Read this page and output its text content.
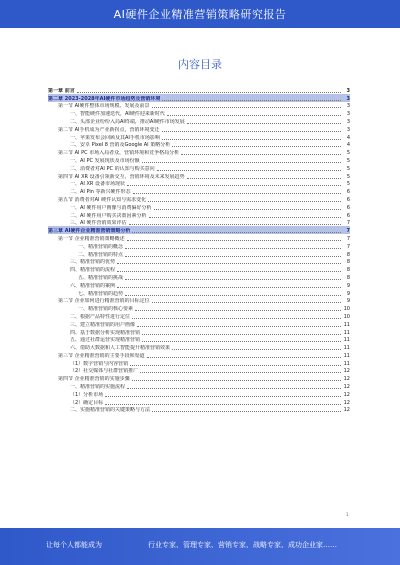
AI硬件企业精准营销策略研究报告
内容目录
第一章 前言	3
第二章 2023-2028年AI硬件市场趋势及营销环境	3
第一节 AI硬件整体市场规模、发展及前景	3
一、智能硬件加速迭代，AI硬件迎来新时代	3
二、头部企业纷纷入局AI终端，推动AI硬件市场发展	3
第二节 AI手机成为产业新拐点，营销环境变迁	3
一、苹果发布会回顾及其AI手机市场影响	4
二、安卓 Pixel 8 营销及Google AI 策略分析	4
第三节 AI PC 市场入局者众，营销环境和竞争格局分析	5
一、AI PC 发展现状及市场份额	5
二、消费者对AI PC 的认知与购买意向	5
第四节 AI XR 设备引领新交互，营销环境及未来发展趋势	5
一、AI XR 设备市场现状	5
二、AI Pin 等新兴硬件形态	6
第五节 消费者对AI 硬件认知与需求变化	6
一、AI 硬件用户画像与消费偏好分析	6
二、AI 硬件用户购买决策因素分析	6
三、AI 硬件营销效果评估	7
第三章 AI硬件企业精准营销策略分析	7
第一节 企业精准营销策略概述	7
一、精准营销的概念	7
二、精准营销的特点	8
三、精准营销的优势	8
四、精准营销的流程	8
五、精准营销的挑战	8
六、精准营销的案例	9
七、精准营销的趋势	9
第二节 企业如何进行精准营销的目标定位	9
一、精准营销的核心要素	10
二、根据产品特性进行定位	10
三、建立精准营销的用户画像	11
四、基于数据分析实现精准营销	11
五、通过社群运营实现精准营销	11
六、借助大数据和人工智能提升精准营销效果	11
第三节 企业精准营销的主要手段和渠道	11
（1）数字营销与内容营销	11
（2）社交媒体与社群营销推广	12
第四节 企业精准营销的实施步骤	12
一、精准营销的实施流程	12
（1）分析市场	12
（2）确定目标	12
二、实施精准营销的关键策略与方法	12
1
让每个人都能成为	行业专家、管理专家、营销专家、战略专家、成功企业家……
